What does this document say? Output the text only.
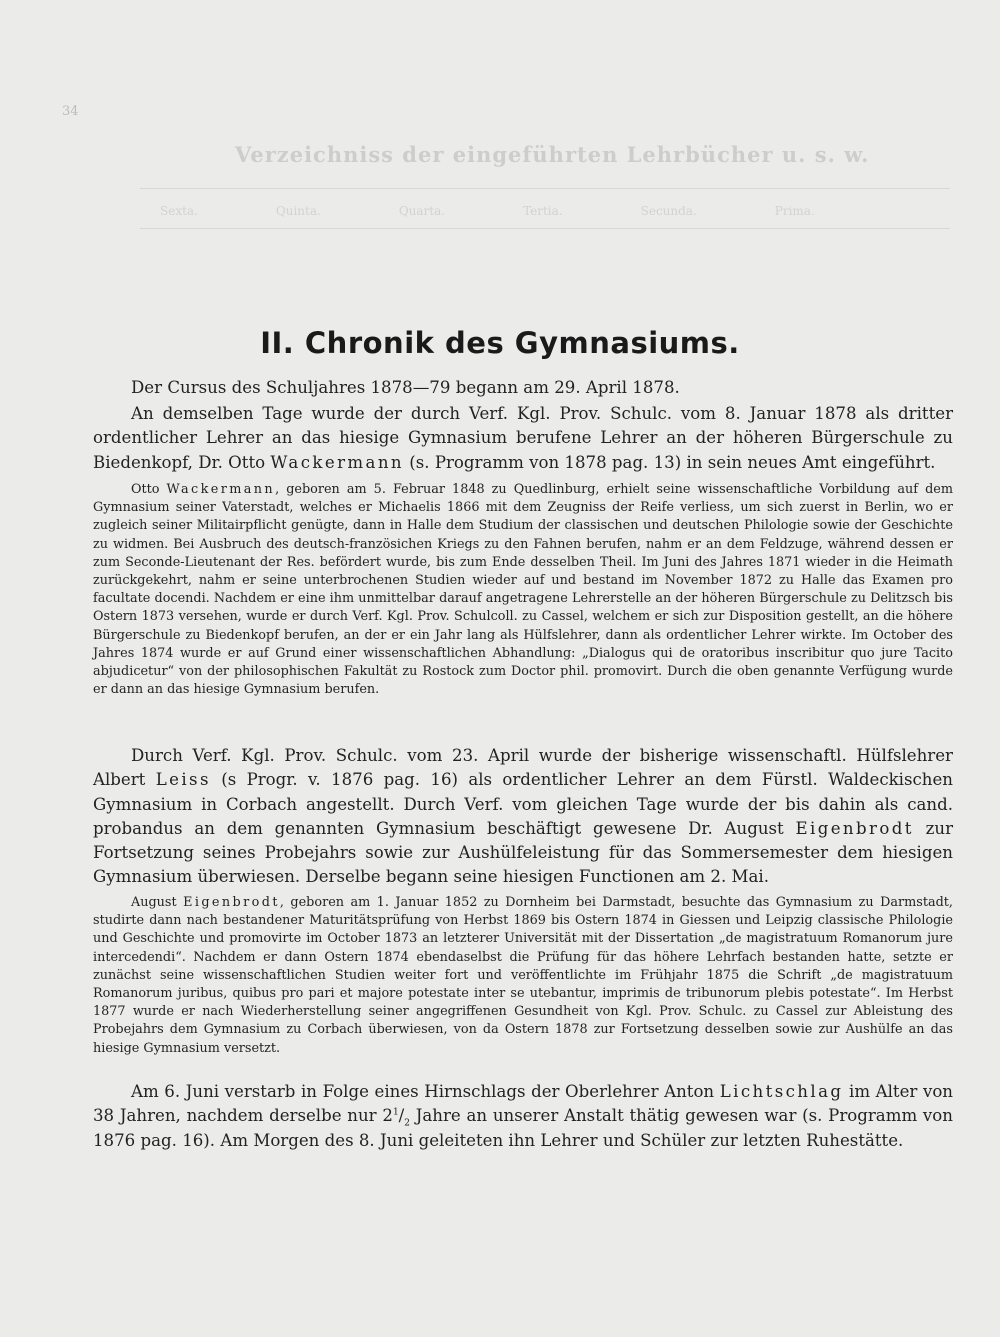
34
Verzeichniss der eingeführten Lehrbücher u. s. w.
Sexta.	Quinta.	Quarta.	Tertia.	Secunda.	Prima.
II. Chronik des Gymnasiums.

Der Cursus des Schuljahres 1878—79 begann am 29. April 1878.

An demselben Tage wurde der durch Verf. Kgl. Prov. Schulc. vom 8. Januar 1878 als dritter ordentlicher Lehrer an das hiesige Gymnasium berufene Lehrer an der höheren Bürgerschule zu Biedenkopf, Dr. Otto Wackermann (s. Programm von 1878 pag. 13) in sein neues Amt eingeführt.

Otto Wackermann, geboren am 5. Februar 1848 zu Quedlinburg, erhielt seine wissenschaftliche Vorbildung auf dem Gymnasium seiner Vaterstadt, welches er Michaelis 1866 mit dem Zeugniss der Reife verliess, um sich zuerst in Berlin, wo er zugleich seiner Militairpflicht genügte, dann in Halle dem Studium der classischen und deutschen Philologie sowie der Geschichte zu widmen. Bei Ausbruch des deutsch-französichen Kriegs zu den Fahnen berufen, nahm er an dem Feldzuge, während dessen er zum Seconde-Lieutenant der Res. befördert wurde, bis zum Ende desselben Theil. Im Juni des Jahres 1871 wieder in die Heimath zurückgekehrt, nahm er seine unterbrochenen Studien wieder auf und bestand im November 1872 zu Halle das Examen pro facultate docendi. Nachdem er eine ihm unmittelbar darauf angetragene Lehrerstelle an der höheren Bürgerschule zu Delitzsch bis Ostern 1873 versehen, wurde er durch Verf. Kgl. Prov. Schulcoll. zu Cassel, welchem er sich zur Disposition gestellt, an die höhere Bürgerschule zu Biedenkopf berufen, an der er ein Jahr lang als Hülfslehrer, dann als ordentlicher Lehrer wirkte. Im October des Jahres 1874 wurde er auf Grund einer wissenschaftlichen Abhandlung: „Dialogus qui de oratoribus inscribitur quo jure Tacito abjudicetur“ von der philosophischen Fakultät zu Rostock zum Doctor phil. promovirt. Durch die oben genannte Verfügung wurde er dann an das hiesige Gymnasium berufen.

Durch Verf. Kgl. Prov. Schulc. vom 23. April wurde der bisherige wissenschaftl. Hülfslehrer Albert Leiss (s Progr. v. 1876 pag. 16) als ordentlicher Lehrer an dem Fürstl. Waldeckischen Gymnasium in Corbach angestellt. Durch Verf. vom gleichen Tage wurde der bis dahin als cand. probandus an dem genannten Gymnasium beschäftigt gewesene Dr. August Eigenbrodt zur Fortsetzung seines Probejahrs sowie zur Aushülfeleistung für das Sommersemester dem hiesigen Gymnasium überwiesen. Derselbe begann seine hiesigen Functionen am 2. Mai.

August Eigenbrodt, geboren am 1. Januar 1852 zu Dornheim bei Darmstadt, besuchte das Gymnasium zu Darmstadt, studirte dann nach bestandener Maturitätsprüfung von Herbst 1869 bis Ostern 1874 in Giessen und Leipzig classische Philologie und Geschichte und promovirte im October 1873 an letzterer Universität mit der Dissertation „de magistratuum Romanorum jure intercedendi“. Nachdem er dann Ostern 1874 ebendaselbst die Prüfung für das höhere Lehrfach bestanden hatte, setzte er zunächst seine wissenschaftlichen Studien weiter fort und veröffentlichte im Frühjahr 1875 die Schrift „de magistratuum Romanorum juribus, quibus pro pari et majore potestate inter se utebantur, imprimis de tribunorum plebis potestate“. Im Herbst 1877 wurde er nach Wiederherstellung seiner angegriffenen Gesundheit von Kgl. Prov. Schulc. zu Cassel zur Ableistung des Probejahrs dem Gymnasium zu Corbach überwiesen, von da Ostern 1878 zur Fortsetzung desselben sowie zur Aushülfe an das hiesige Gymnasium versetzt.

Am 6. Juni verstarb in Folge eines Hirnschlags der Oberlehrer Anton Lichtschlag im Alter von 38 Jahren, nachdem derselbe nur $2^1/_2$ Jahre an unserer Anstalt thätig gewesen war (s. Programm von 1876 pag. 16). Am Morgen des 8. Juni geleiteten ihn Lehrer und Schüler zur letzten Ruhestätte.
